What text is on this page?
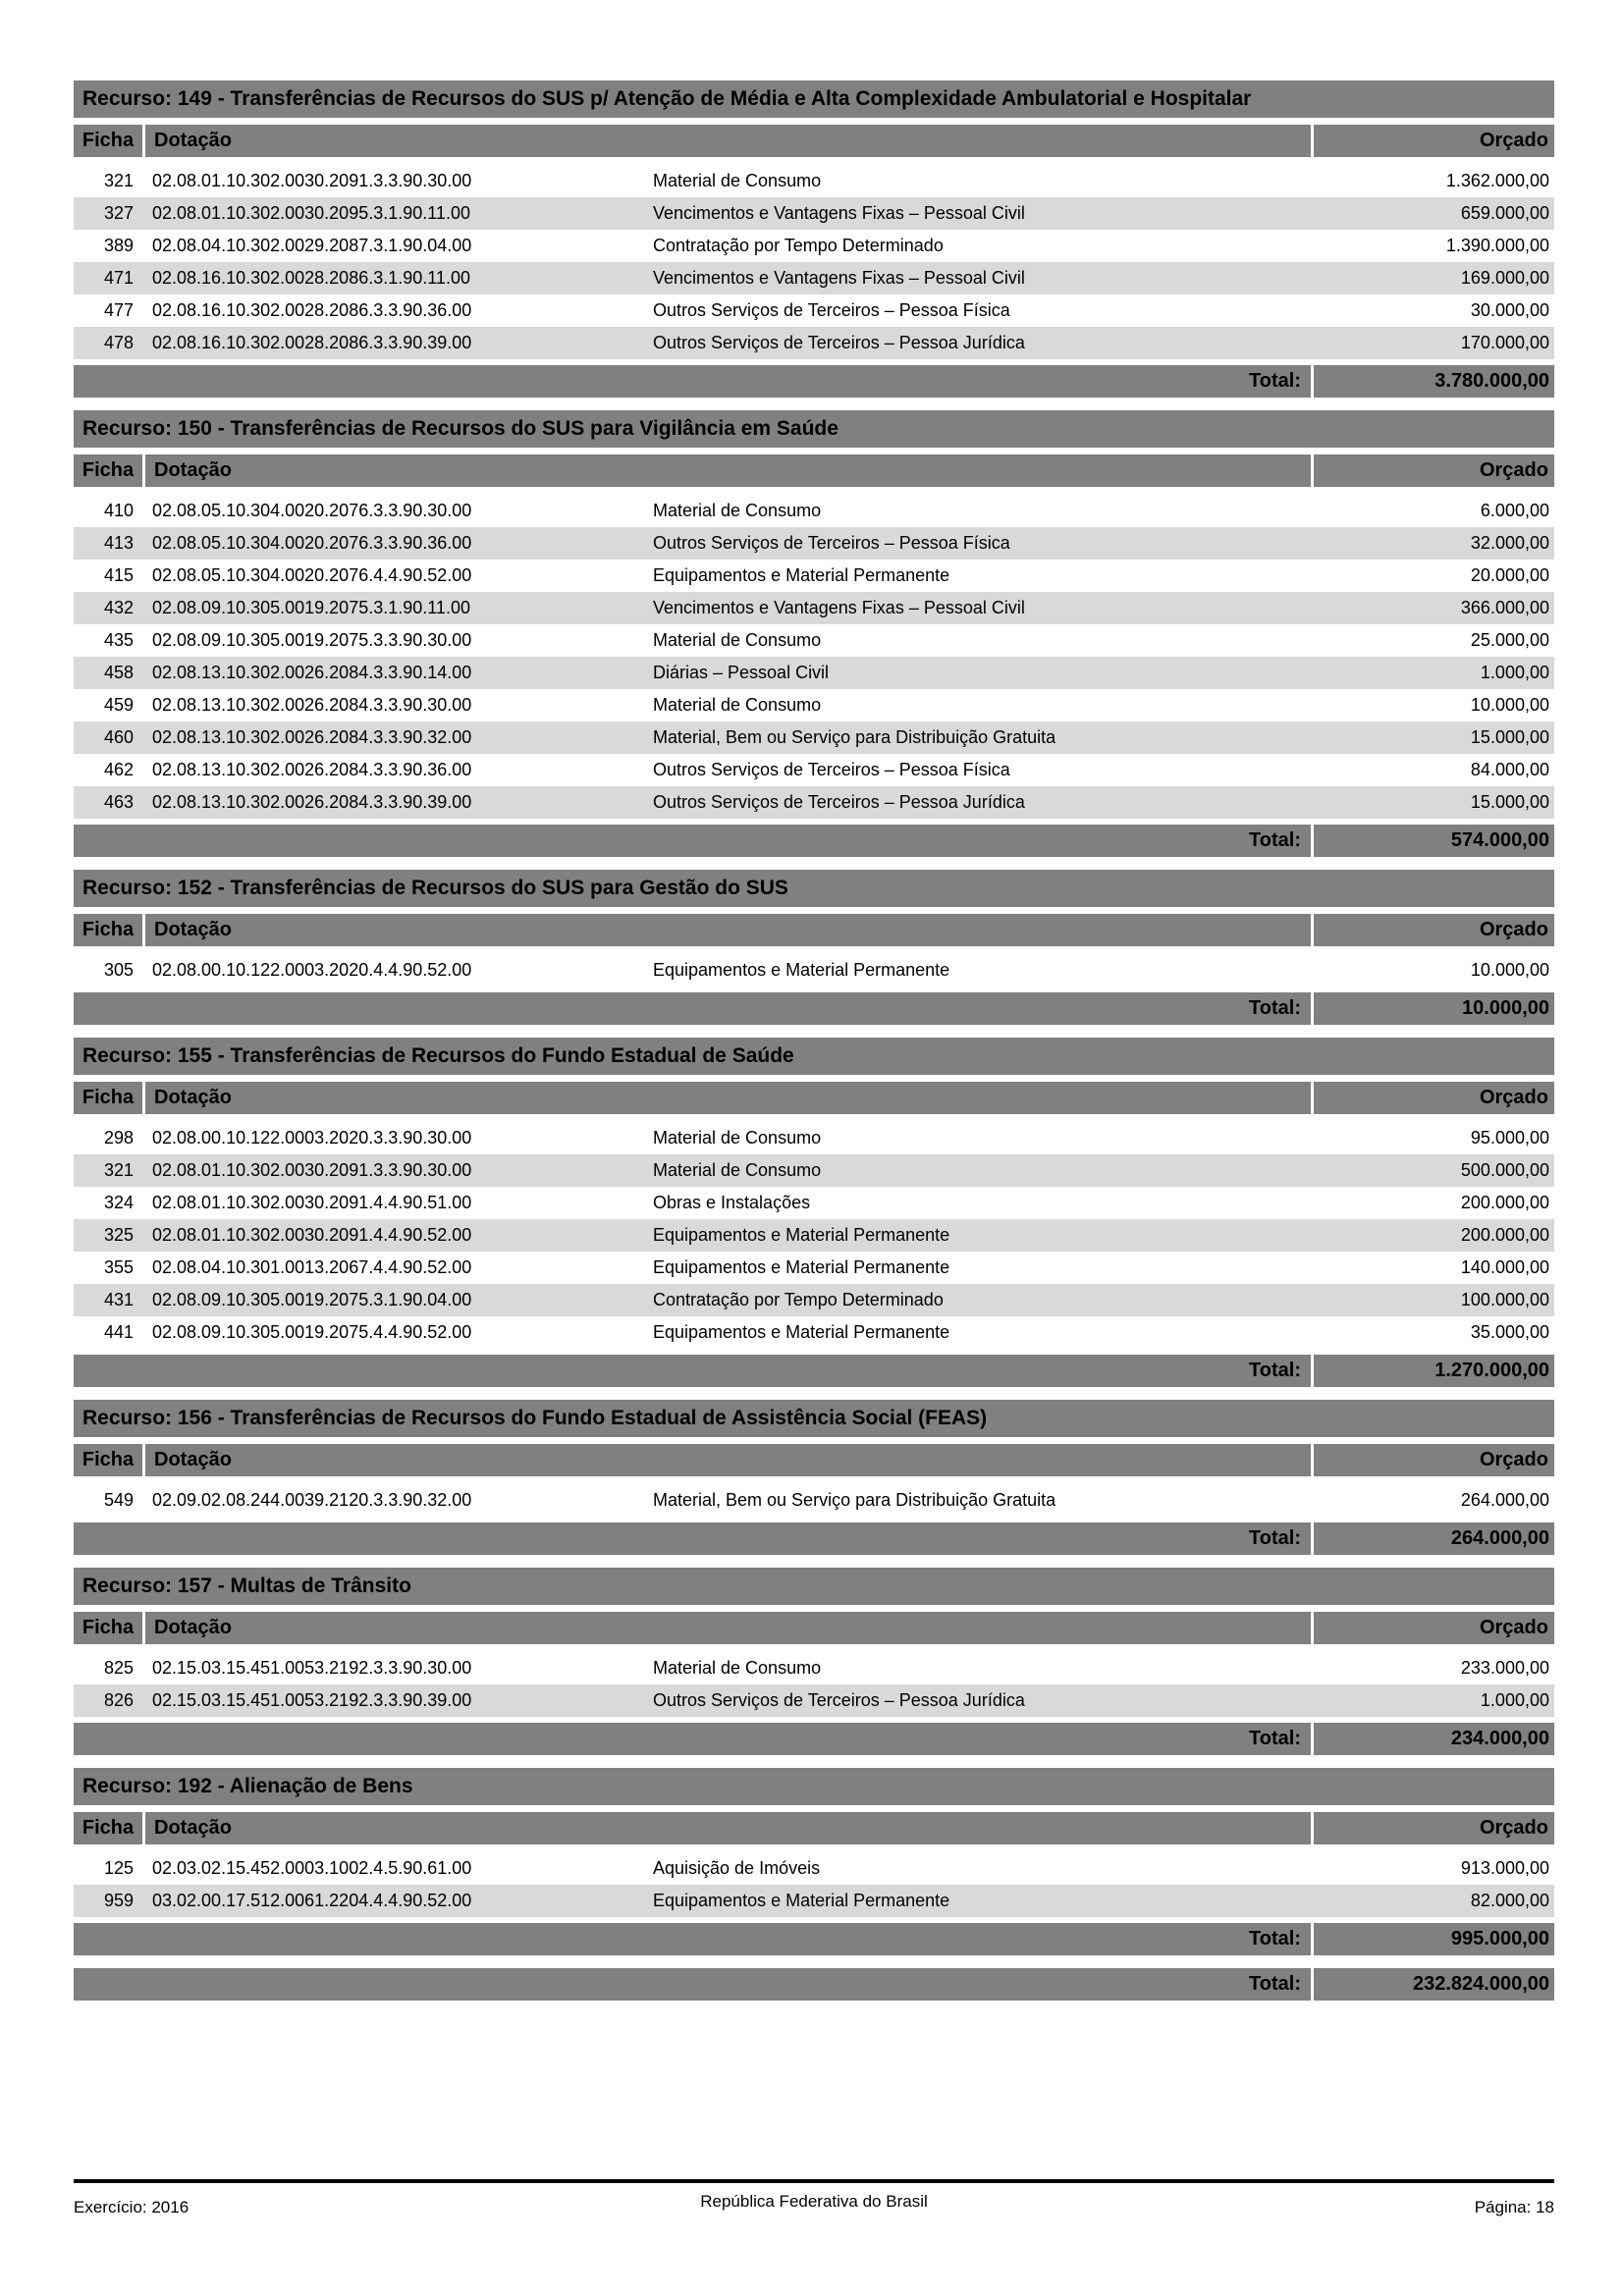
Recurso: 149 - Transferências de Recursos do SUS p/ Atenção de Média e Alta Complexidade Ambulatorial e Hospitalar
Ficha	Dotação	Orçado
321	02.08.01.10.302.0030.2091.3.3.90.30.00	Material de Consumo	1.362.000,00
327	02.08.01.10.302.0030.2095.3.1.90.11.00	Vencimentos e Vantagens Fixas – Pessoal Civil	659.000,00
389	02.08.04.10.302.0029.2087.3.1.90.04.00	Contratação por Tempo Determinado	1.390.000,00
471	02.08.16.10.302.0028.2086.3.1.90.11.00	Vencimentos e Vantagens Fixas – Pessoal Civil	169.000,00
477	02.08.16.10.302.0028.2086.3.3.90.36.00	Outros Serviços de Terceiros – Pessoa Física	30.000,00
478	02.08.16.10.302.0028.2086.3.3.90.39.00	Outros Serviços de Terceiros – Pessoa Jurídica	170.000,00
Total:	3.780.000,00
Recurso: 150 - Transferências de Recursos do SUS para Vigilância em Saúde
Ficha	Dotação	Orçado
410	02.08.05.10.304.0020.2076.3.3.90.30.00	Material de Consumo	6.000,00
413	02.08.05.10.304.0020.2076.3.3.90.36.00	Outros Serviços de Terceiros – Pessoa Física	32.000,00
415	02.08.05.10.304.0020.2076.4.4.90.52.00	Equipamentos e Material Permanente	20.000,00
432	02.08.09.10.305.0019.2075.3.1.90.11.00	Vencimentos e Vantagens Fixas – Pessoal Civil	366.000,00
435	02.08.09.10.305.0019.2075.3.3.90.30.00	Material de Consumo	25.000,00
458	02.08.13.10.302.0026.2084.3.3.90.14.00	Diárias – Pessoal Civil	1.000,00
459	02.08.13.10.302.0026.2084.3.3.90.30.00	Material de Consumo	10.000,00
460	02.08.13.10.302.0026.2084.3.3.90.32.00	Material, Bem ou Serviço para Distribuição Gratuita	15.000,00
462	02.08.13.10.302.0026.2084.3.3.90.36.00	Outros Serviços de Terceiros – Pessoa Física	84.000,00
463	02.08.13.10.302.0026.2084.3.3.90.39.00	Outros Serviços de Terceiros – Pessoa Jurídica	15.000,00
Total:	574.000,00
Recurso: 152 - Transferências de Recursos do SUS para Gestão do SUS
Ficha	Dotação	Orçado
305	02.08.00.10.122.0003.2020.4.4.90.52.00	Equipamentos e Material Permanente	10.000,00
Total:	10.000,00
Recurso: 155 - Transferências de Recursos do Fundo Estadual de Saúde
Ficha	Dotação	Orçado
298	02.08.00.10.122.0003.2020.3.3.90.30.00	Material de Consumo	95.000,00
321	02.08.01.10.302.0030.2091.3.3.90.30.00	Material de Consumo	500.000,00
324	02.08.01.10.302.0030.2091.4.4.90.51.00	Obras e Instalações	200.000,00
325	02.08.01.10.302.0030.2091.4.4.90.52.00	Equipamentos e Material Permanente	200.000,00
355	02.08.04.10.301.0013.2067.4.4.90.52.00	Equipamentos e Material Permanente	140.000,00
431	02.08.09.10.305.0019.2075.3.1.90.04.00	Contratação por Tempo Determinado	100.000,00
441	02.08.09.10.305.0019.2075.4.4.90.52.00	Equipamentos e Material Permanente	35.000,00
Total:	1.270.000,00
Recurso: 156 - Transferências de Recursos do Fundo Estadual de Assistência Social (FEAS)
Ficha	Dotação	Orçado
549	02.09.02.08.244.0039.2120.3.3.90.32.00	Material, Bem ou Serviço para Distribuição Gratuita	264.000,00
Total:	264.000,00
Recurso: 157 - Multas de Trânsito
Ficha	Dotação	Orçado
825	02.15.03.15.451.0053.2192.3.3.90.30.00	Material de Consumo	233.000,00
826	02.15.03.15.451.0053.2192.3.3.90.39.00	Outros Serviços de Terceiros – Pessoa Jurídica	1.000,00
Total:	234.000,00
Recurso: 192 - Alienação de Bens
Ficha	Dotação	Orçado
125	02.03.02.15.452.0003.1002.4.5.90.61.00	Aquisição de Imóveis	913.000,00
959	03.02.00.17.512.0061.2204.4.4.90.52.00	Equipamentos e Material Permanente	82.000,00
Total:	995.000,00
Total:	232.824.000,00
Exercício: 2016	República Federativa do Brasil	Página: 18
